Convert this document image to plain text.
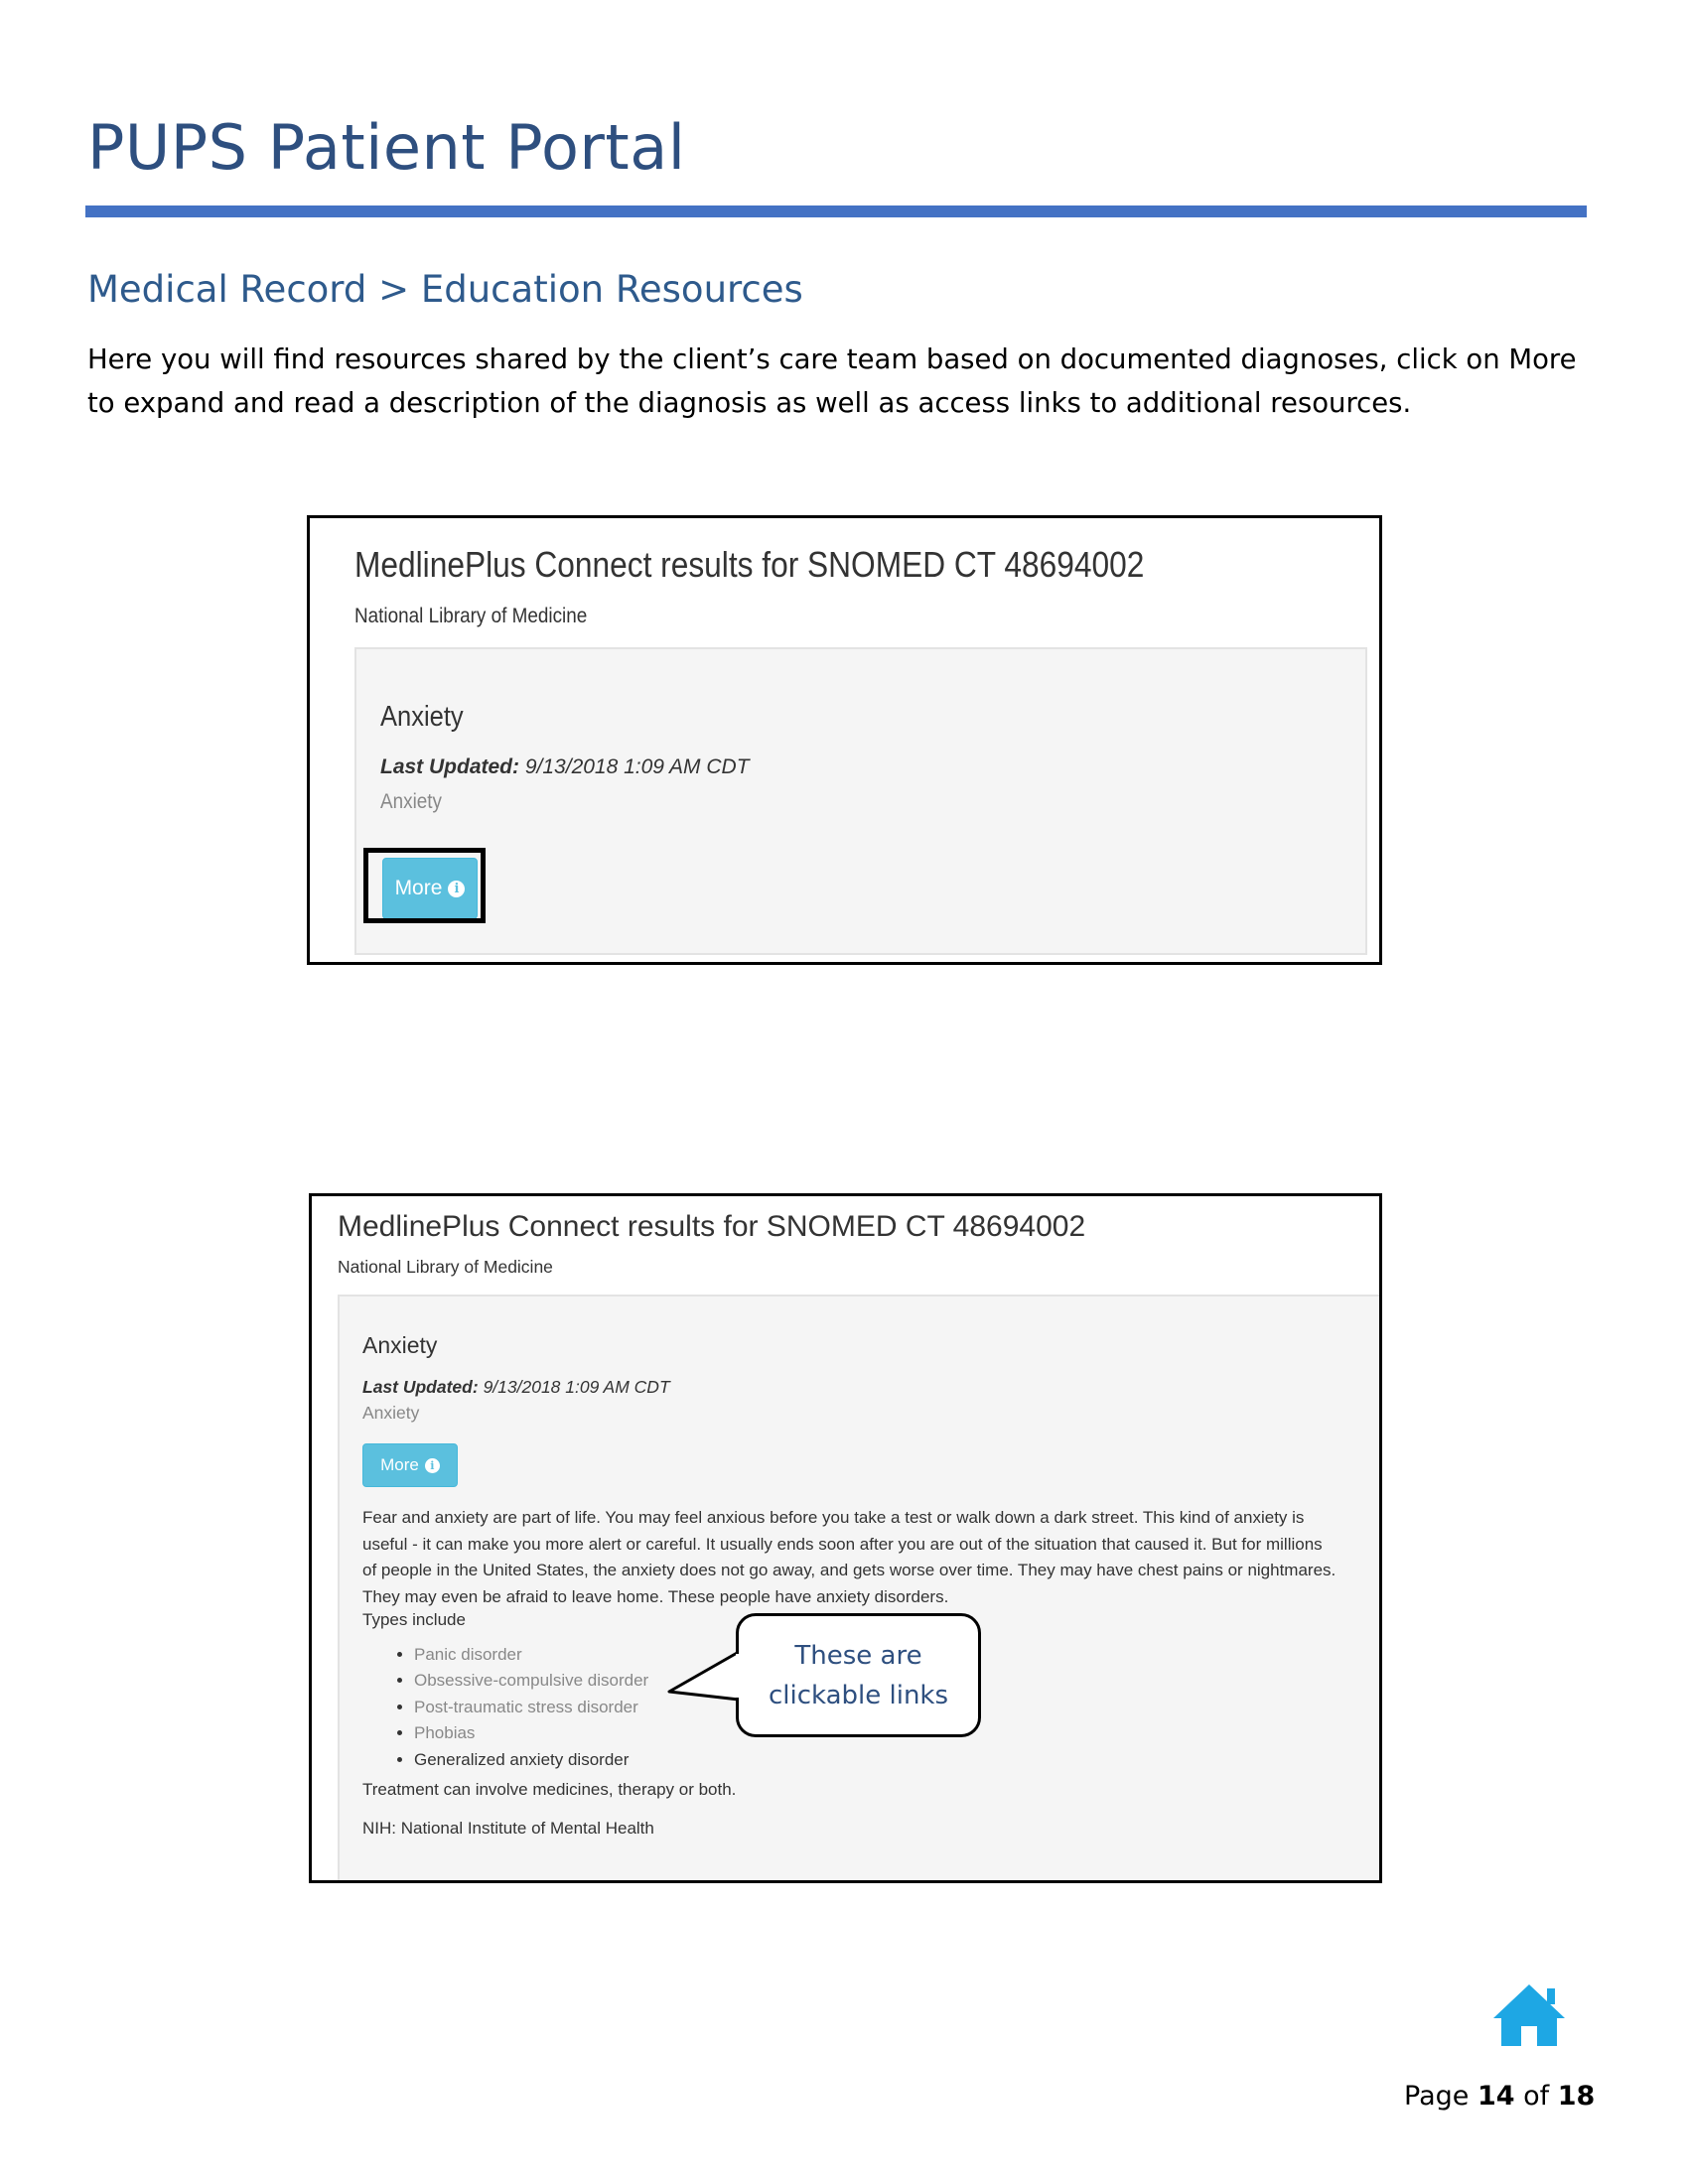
PUPS Patient Portal
Medical Record > Education Resources

Here you will find resources shared by the client’s care team based on documented diagnoses, click on More to expand and read a description of the diagnosis as well as access links to additional resources.

MedlinePlus Connect results for SNOMED CT 48694002
National Library of Medicine
Anxiety
Last Updated: 9/13/2018 1:09 AM CDT
Anxiety
More i
MedlinePlus Connect results for SNOMED CT 48694002
National Library of Medicine
Anxiety
Last Updated: 9/13/2018 1:09 AM CDT
Anxiety
More	i

Fear and anxiety are part of life. You may feel anxious before you take a test or walk down a dark street. This kind of anxiety is useful - it can make you more alert or careful. It usually ends soon after you are out of the situation that caused it. But for millions of people in the United States, the anxiety does not go away, and gets worse over time. They may have chest pains or nightmares. They may even be afraid to leave home. These people have anxiety disorders.

Types include
• Panic disorder
• Obsessive-compulsive disorder
• Post-traumatic stress disorder
• Phobias
• Generalized anxiety disorder
Treatment can involve medicines, therapy or both.
NIH: National Institute of Mental Health
These are
clickable links
Page 14 of 18
